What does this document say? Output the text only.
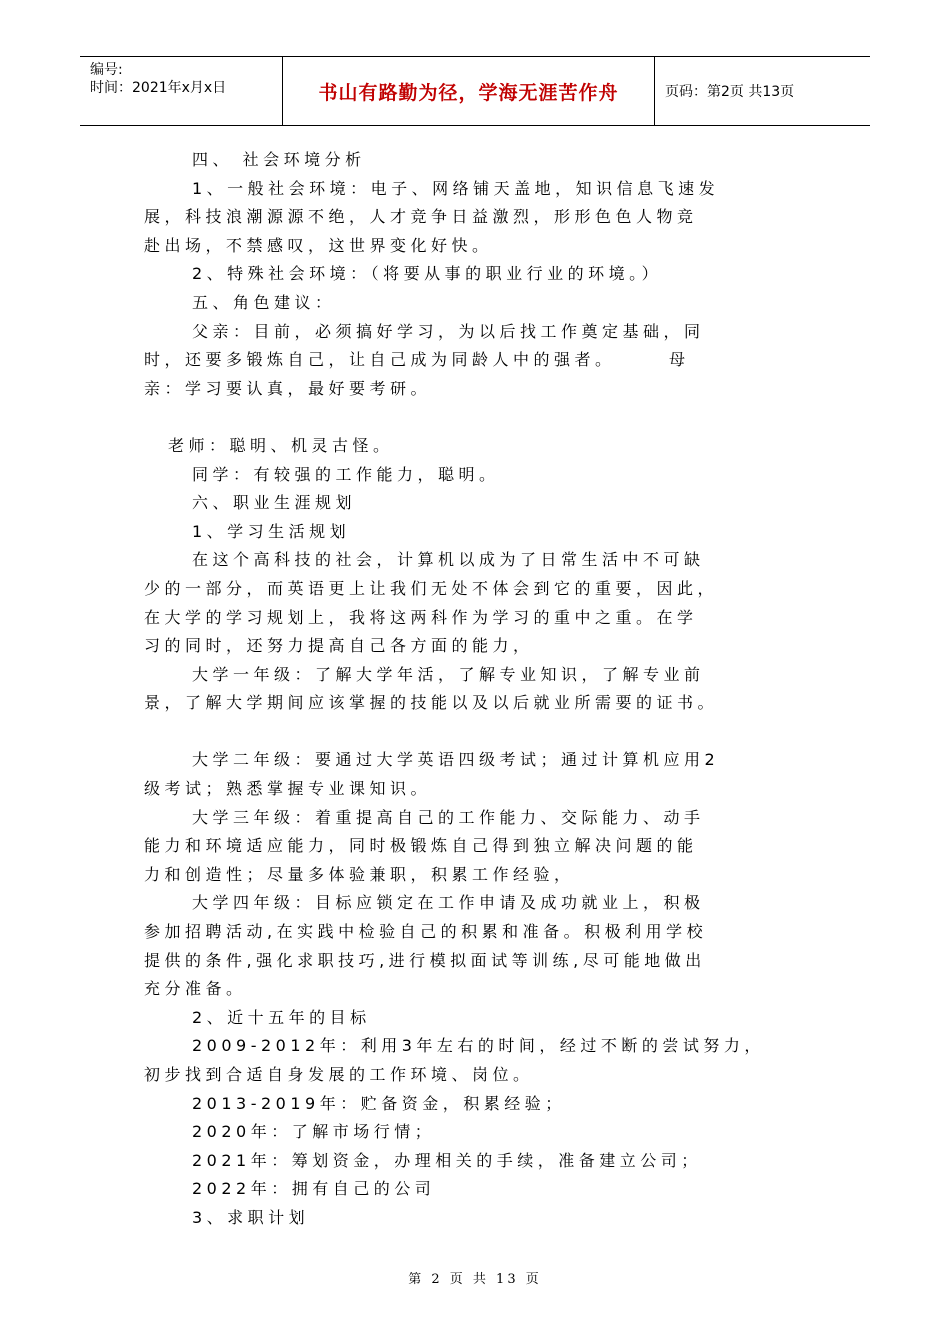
编号:
时间：2021年x月x日	书山有路勤为径，学海无涯苦作舟	页码：第2页 共13页

四、 社会环境分析

1、一般社会环境：电子、网络铺天盖地，知识信息飞速发

展，科技浪潮源源不绝，人才竞争日益激烈，形形色色人物竞

赴出场，不禁感叹，这世界变化好快。

2、特殊社会环境：（将要从事的职业行业的环境。）

五、角色建议：

父亲：目前，必须搞好学习，为以后找工作奠定基础，同

时，还要多锻炼自己，让自己成为同龄人中的强者。　　　母

亲：学习要认真，最好要考研。

老师：聪明、机灵古怪。

同学：有较强的工作能力，聪明。

六、职业生涯规划

1、学习生活规划

在这个高科技的社会，计算机以成为了日常生活中不可缺

少的一部分，而英语更上让我们无处不体会到它的重要，因此，

在大学的学习规划上，我将这两科作为学习的重中之重。在学

习的同时，还努力提高自己各方面的能力，

大学一年级：了解大学年活，了解专业知识，了解专业前

景，了解大学期间应该掌握的技能以及以后就业所需要的证书。

大学二年级：要通过大学英语四级考试；通过计算机应用2

级考试；熟悉掌握专业课知识。

大学三年级：着重提高自己的工作能力、交际能力、动手

能力和环境适应能力，同时极锻炼自己得到独立解决问题的能

力和创造性；尽量多体验兼职，积累工作经验，

大学四年级：目标应锁定在工作申请及成功就业上，积极

参加招聘活动,在实践中检验自己的积累和准备。积极利用学校

提供的条件,强化求职技巧,进行模拟面试等训练,尽可能地做出

充分准备。

2、近十五年的目标

2009-2012年：利用3年左右的时间，经过不断的尝试努力，

初步找到合适自身发展的工作环境、岗位。

2013-2019年：贮备资金，积累经验；

2020年：了解市场行情；

2021年：筹划资金，办理相关的手续，准备建立公司；

2022年：拥有自己的公司

3、求职计划

第 2 页 共 13 页
